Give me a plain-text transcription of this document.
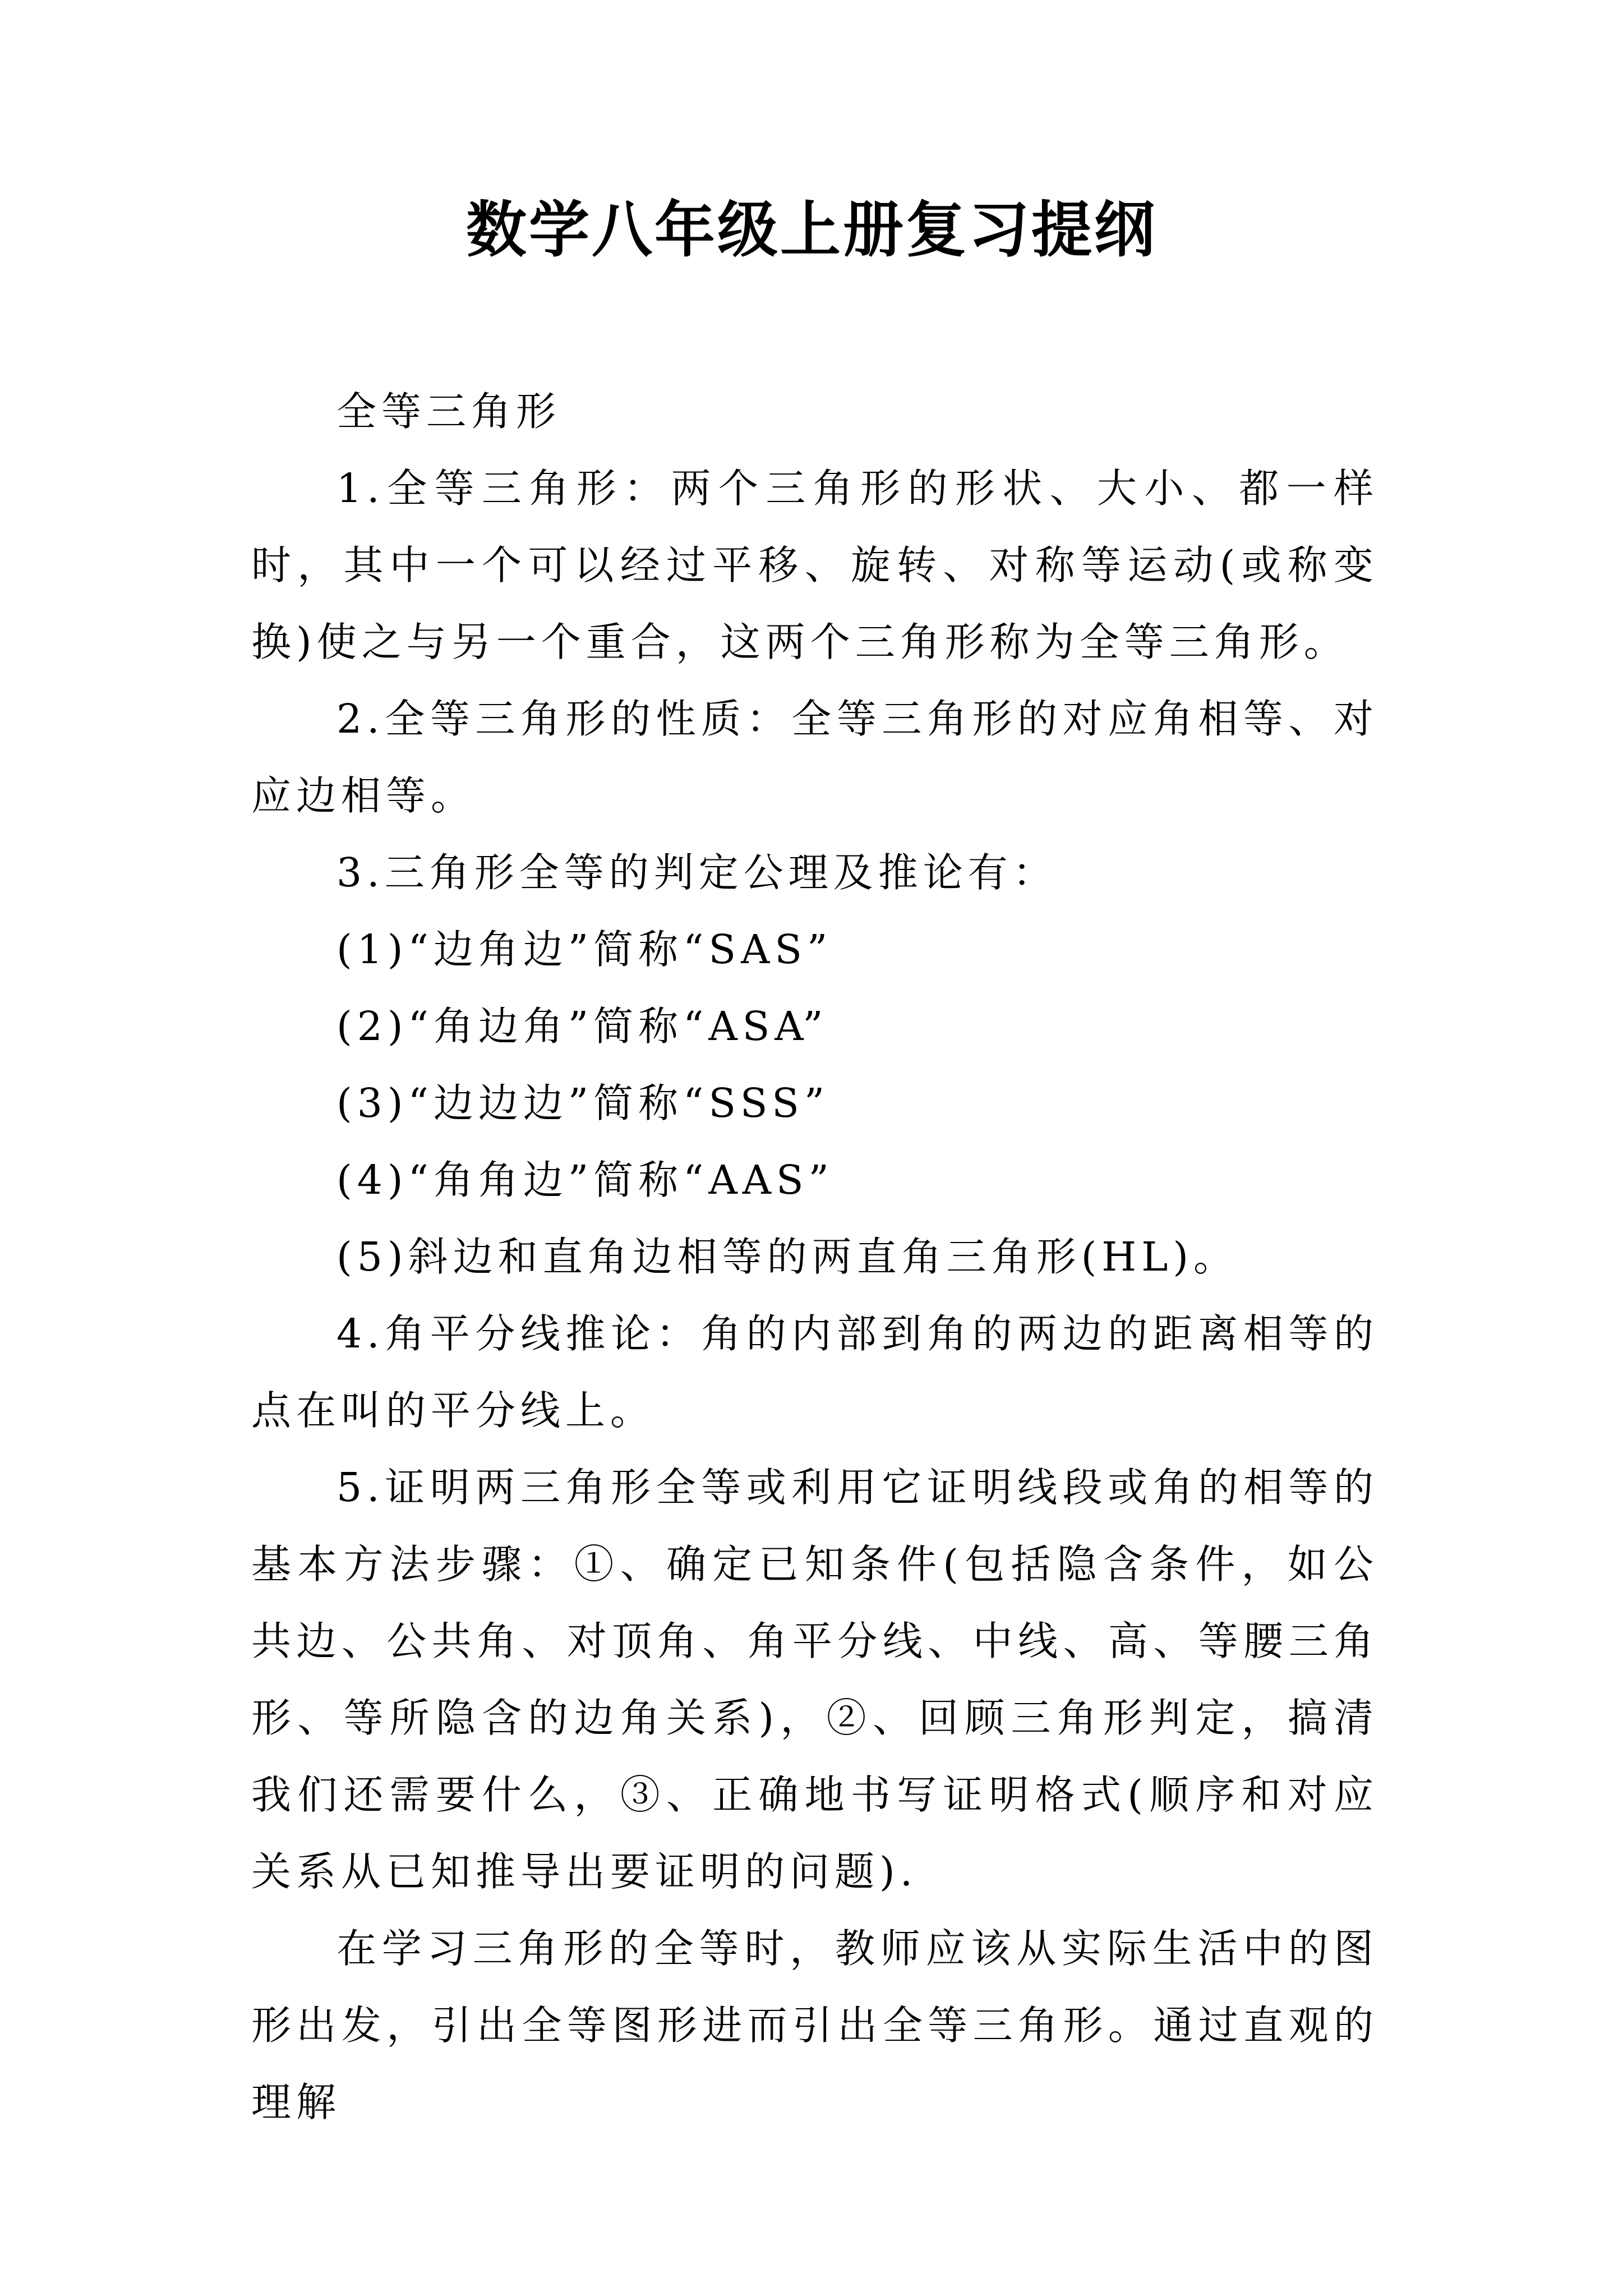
数学八年级上册复习提纲

全等三角形

1.全等三角形：两个三角形的形状、大小、都一样时，其中一个可以经过平移、旋转、对称等运动(或称变换)使之与另一个重合，这两个三角形称为全等三角形。

2.全等三角形的性质：全等三角形的对应角相等、对应边相等。

3.三角形全等的判定公理及推论有：

(1)“边角边”简称“SAS”

(2)“角边角”简称“ASA”

(3)“边边边”简称“SSS”

(4)“角角边”简称“AAS”

(5)斜边和直角边相等的两直角三角形(HL)。

4.角平分线推论：角的内部到角的两边的距离相等的点在叫的平分线上。

5.证明两三角形全等或利用它证明线段或角的相等的基本方法步骤：①、确定已知条件(包括隐含条件，如公共边、公共角、对顶角、角平分线、中线、高、等腰三角形、等所隐含的边角关系)，②、回顾三角形判定，搞清我们还需要什么，③、正确地书写证明格式(顺序和对应关系从已知推导出要证明的问题).

在学习三角形的全等时，教师应该从实际生活中的图形出发，引出全等图形进而引出全等三角形。通过直观的理解
